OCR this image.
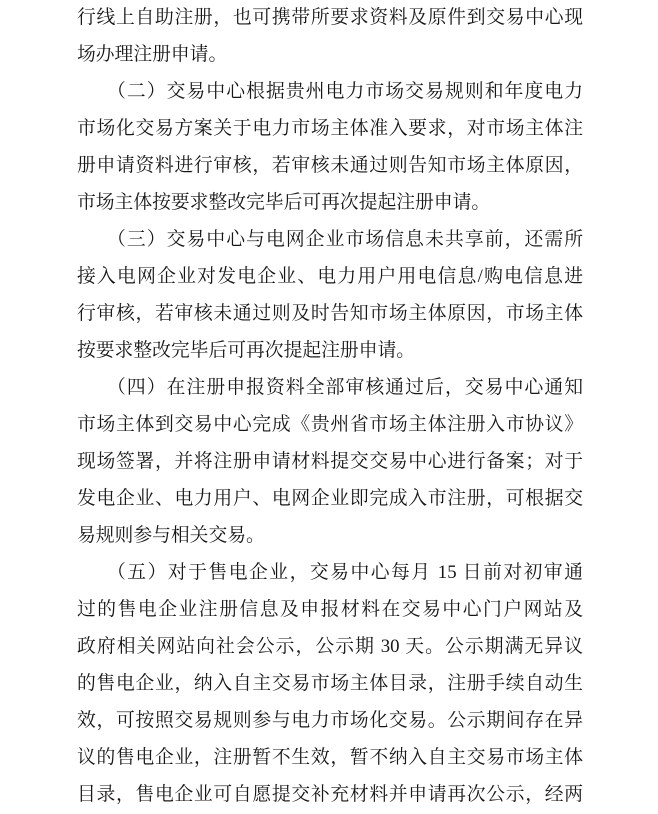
行线上自助注册，也可携带所要求资料及原件到交易中心现
场办理注册申请。
（二）交易中心根据贵州电力市场交易规则和年度电力
市场化交易方案关于电力市场主体准入要求，对市场主体注
册申请资料进行审核，若审核未通过则告知市场主体原因，
市场主体按要求整改完毕后可再次提起注册申请。
（三）交易中心与电网企业市场信息未共享前，还需所
接入电网企业对发电企业、电力用户用电信息/购电信息进
行审核，若审核未通过则及时告知市场主体原因，市场主体
按要求整改完毕后可再次提起注册申请。
（四）在注册申报资料全部审核通过后，交易中心通知
市场主体到交易中心完成《贵州省市场主体注册入市协议》
现场签署，并将注册申请材料提交交易中心进行备案；对于
发电企业、电力用户、电网企业即完成入市注册，可根据交
易规则参与相关交易。
（五）对于售电企业，交易中心每月 15 日前对初审通
过的售电企业注册信息及申报材料在交易中心门户网站及
政府相关网站向社会公示，公示期 30 天。公示期满无异议
的售电企业，纳入自主交易市场主体目录，注册手续自动生
效，可按照交易规则参与电力市场化交易。公示期间存在异
议的售电企业，注册暂不生效，暂不纳入自主交易市场主体
目录，售电企业可自愿提交补充材料并申请再次公示，经两
